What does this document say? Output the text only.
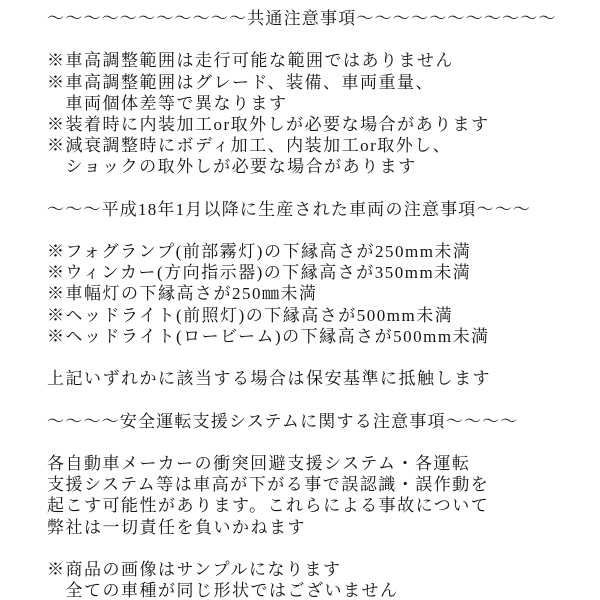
～～～～～～～～～～～共通注意事項～～～～～～～～～～～
※車高調整範囲は走行可能な範囲ではありません
※車高調整範囲はグレード、装備、車両重量、
　車両個体差等で異なります
※装着時に内装加工or取外しが必要な場合があります
※減衰調整時にボディ加工、内装加工or取外し、
　ショックの取外しが必要な場合があります
～～～平成18年1月以降に生産された車両の注意事項～～～
※フォグランプ(前部霧灯)の下縁高さが250mm未満
※ウィンカー(方向指示器)の下縁高さが350mm未満
※車幅灯の下縁高さが250㎜未満
※ヘッドライト(前照灯)の下縁高さが500mm未満
※ヘッドライト(ロービーム)の下縁高さが500mm未満
上記いずれかに該当する場合は保安基準に抵触します
～～～～安全運転支援システムに関する注意事項～～～～
各自動車メーカーの衝突回避支援システム・各運転
支援システム等は車高が下がる事で誤認識・誤作動を
起こす可能性があります。これらによる事故について
弊社は一切責任を負いかねます
※商品の画像はサンプルになります
　全ての車種が同じ形状ではございません
